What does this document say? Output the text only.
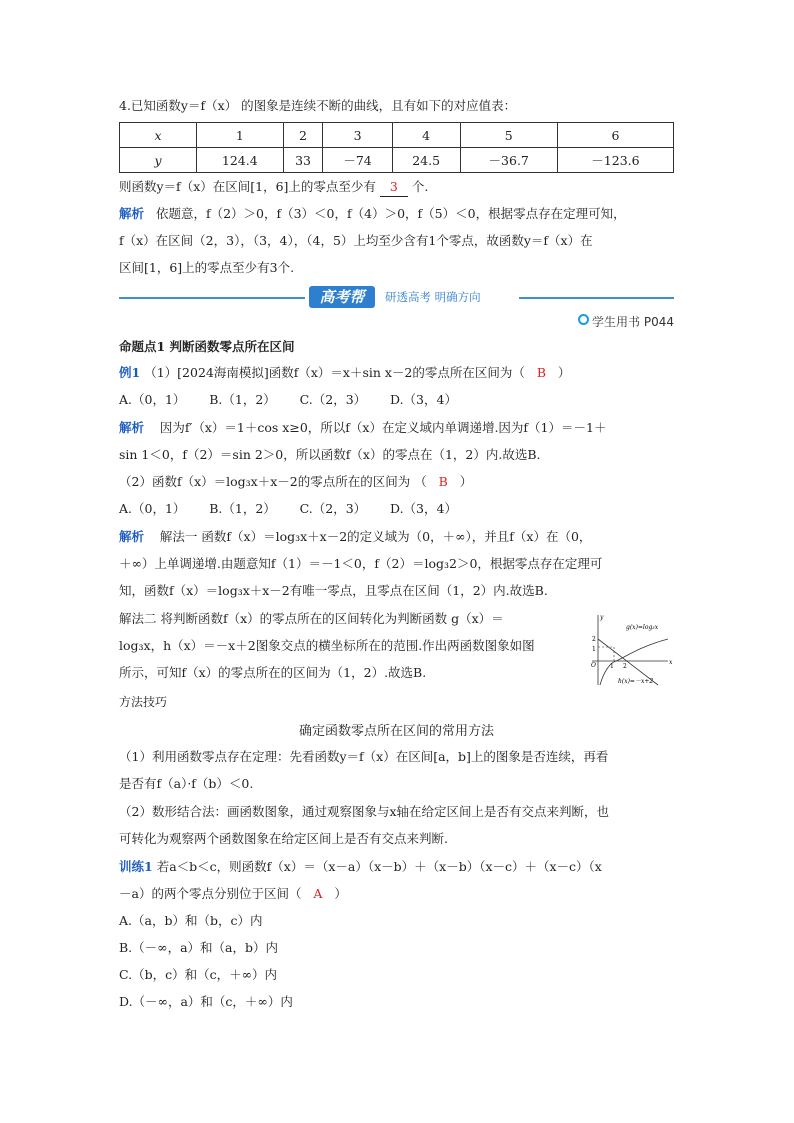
4.已知函数y＝f（x） 的图象是连续不断的曲线，且有如下的对应值表：
x	1	2	3	4	5	6
y	124.4	33	－74	24.5	－36.7	－123.6
则函数y＝f（x）在区间[1，6]上的零点至少有 3 个.
解析 依题意，f（2）＞0，f（3）＜0，f（4）＞0，f（5）＜0，根据零点存在定理可知，
f（x）在区间（2，3），（3，4），（4，5）上均至少含有1个零点，故函数y＝f（x）在
区间[1，6]上的零点至少有3个.
高考帮	研透高考 明确方向
学生用书 P044
命题点1 判断函数零点所在区间
例1 （1）[2024海南模拟]函数f（x）＝x＋sin x－2的零点所在区间为（ B ）
A.（0，1）      B.（1，2）      C.（2，3）      D.（3，4）
解析 因为f′（x）＝1＋cos x≥0，所以f（x）在定义域内单调递增.因为f（1）＝－1＋
sin 1＜0，f（2）＝sin 2＞0，所以函数f（x）的零点在（1，2）内.故选B.
（2）函数f（x）＝log₃x＋x－2的零点所在的区间为 （ B ）
A.（0，1）      B.（1，2）      C.（2，3）      D.（3，4）
解析 解法一 函数f（x）＝log₃x＋x－2的定义域为（0，＋∞），并且f（x）在（0，
＋∞）上单调递增.由题意知f（1）＝－1＜0，f（2）＝log₃2＞0，根据零点存在定理可
知，函数f（x）＝log₃x＋x－2有唯一零点，且零点在区间（1，2）内.故选B.
解法二 将判断函数f（x）的零点所在的区间转化为判断函数 g（x）＝
log₃x，h（x）＝－x＋2图象交点的横坐标所在的范围.作出两函数图象如图
所示，可知f（x）的零点所在的区间为（1，2）.故选B.
g(x)=log₃x
h(x)=－x+2
2
1
1 2
x
y
O
方法技巧
确定函数零点所在区间的常用方法
（1）利用函数零点存在定理：先看函数y＝f（x）在区间[a，b]上的图象是否连续，再看
是否有f（a）·f（b）＜0.
（2）数形结合法：画函数图象，通过观察图象与x轴在给定区间上是否有交点来判断，也
可转化为观察两个函数图象在给定区间上是否有交点来判断.
训练1 若a＜b＜c，则函数f（x）＝（x－a）（x－b）＋（x－b）（x－c）＋（x－c）（x
－a）的两个零点分别位于区间（ A ）
A.（a，b）和（b，c）内
B.（－∞，a）和（a，b）内
C.（b，c）和（c，＋∞）内
D.（－∞，a）和（c，＋∞）内
